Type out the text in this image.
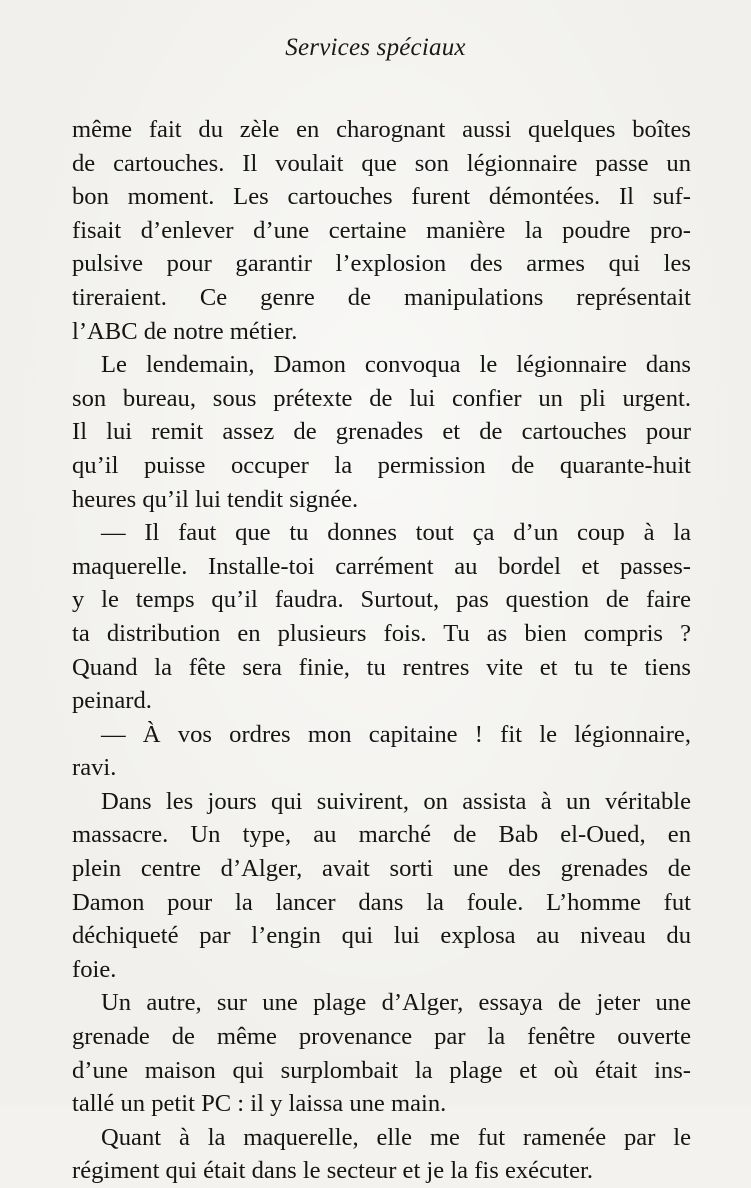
Services spéciaux

même fait du zèle en charognant aussi quelques boîtes
de cartouches. Il voulait que son légionnaire passe un
bon moment. Les cartouches furent démontées. Il suf-
fisait d’enlever d’une certaine manière la poudre pro-
pulsive pour garantir l’explosion des armes qui les
tireraient. Ce genre de manipulations représentait
l’ABC de notre métier.

Le lendemain, Damon convoqua le légionnaire dans
son bureau, sous prétexte de lui confier un pli urgent.
Il lui remit assez de grenades et de cartouches pour
qu’il puisse occuper la permission de quarante-huit
heures qu’il lui tendit signée.

— Il faut que tu donnes tout ça d’un coup à la
maquerelle. Installe-toi carrément au bordel et passes-
y le temps qu’il faudra. Surtout, pas question de faire
ta distribution en plusieurs fois. Tu as bien compris ?
Quand la fête sera finie, tu rentres vite et tu te tiens
peinard.

— À vos ordres mon capitaine ! fit le légionnaire,
ravi.

Dans les jours qui suivirent, on assista à un véritable
massacre. Un type, au marché de Bab el-Oued, en
plein centre d’Alger, avait sorti une des grenades de
Damon pour la lancer dans la foule. L’homme fut
déchiqueté par l’engin qui lui explosa au niveau du
foie.

Un autre, sur une plage d’Alger, essaya de jeter une
grenade de même provenance par la fenêtre ouverte
d’une maison qui surplombait la plage et où était ins-
tallé un petit PC : il y laissa une main.

Quant à la maquerelle, elle me fut ramenée par le
régiment qui était dans le secteur et je la fis exécuter.
